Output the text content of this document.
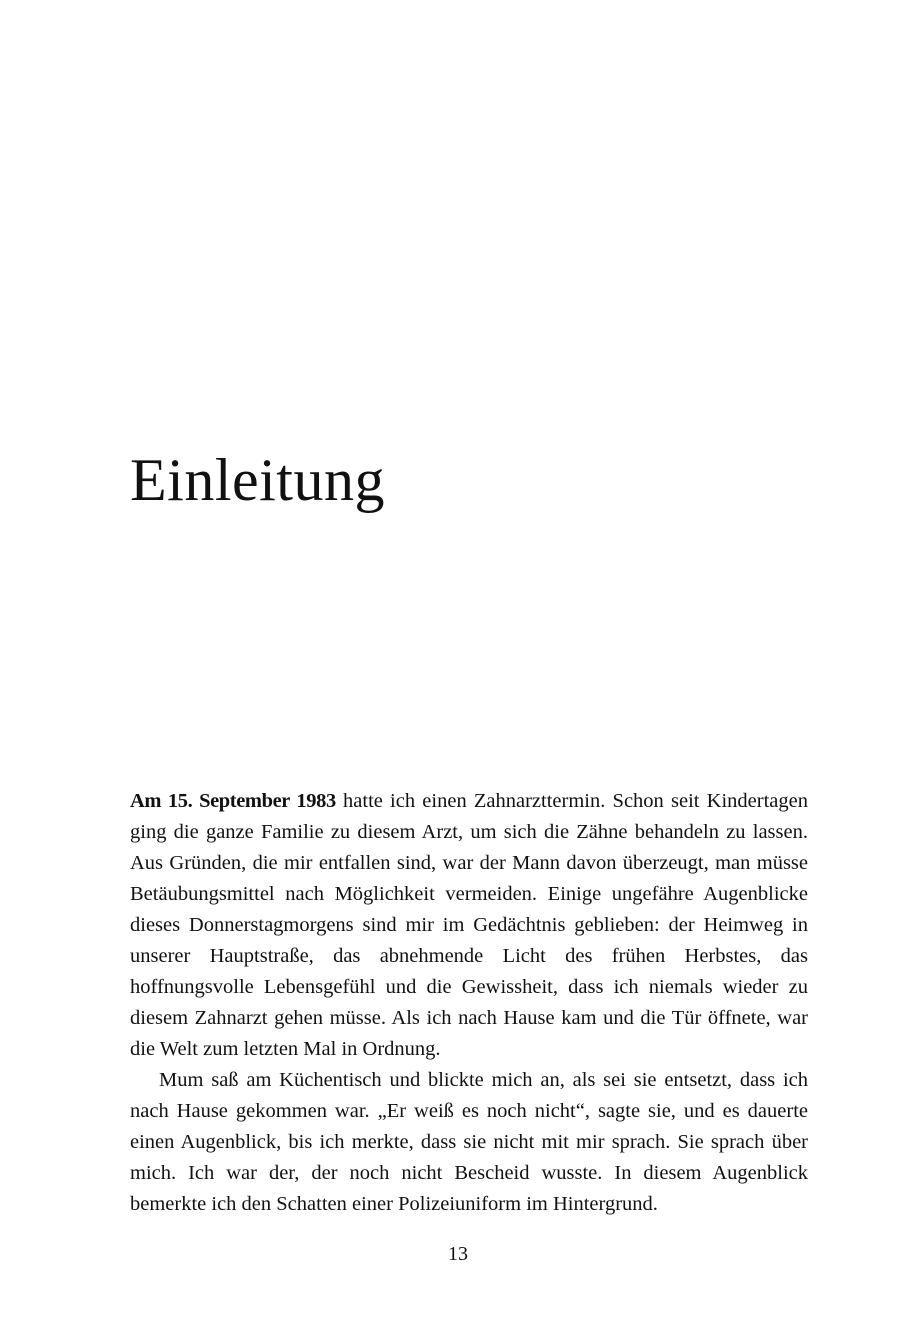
Einleitung

Am 15. September 1983 hatte ich einen Zahnarzttermin. Schon seit Kindertagen ging die ganze Familie zu diesem Arzt, um sich die Zähne behandeln zu lassen. Aus Gründen, die mir entfallen sind, war der Mann davon überzeugt, man müsse Betäubungsmittel nach Möglichkeit vermeiden. Einige ungefähre Augenblicke dieses Donnerstagmorgens sind mir im Gedächtnis geblieben: der Heimweg in unserer Hauptstraße, das abnehmende Licht des frühen Herbstes, das hoffnungsvolle Lebensgefühl und die Gewissheit, dass ich niemals wieder zu diesem Zahnarzt gehen müsse. Als ich nach Hause kam und die Tür öffnete, war die Welt zum letzten Mal in Ordnung.

Mum saß am Küchentisch und blickte mich an, als sei sie entsetzt, dass ich nach Hause gekommen war. „Er weiß es noch nicht“, sagte sie, und es dauerte einen Augenblick, bis ich merkte, dass sie nicht mit mir sprach. Sie sprach über mich. Ich war der, der noch nicht Bescheid wusste. In diesem Augenblick bemerkte ich den Schatten einer Polizeiuniform im Hintergrund.

13
